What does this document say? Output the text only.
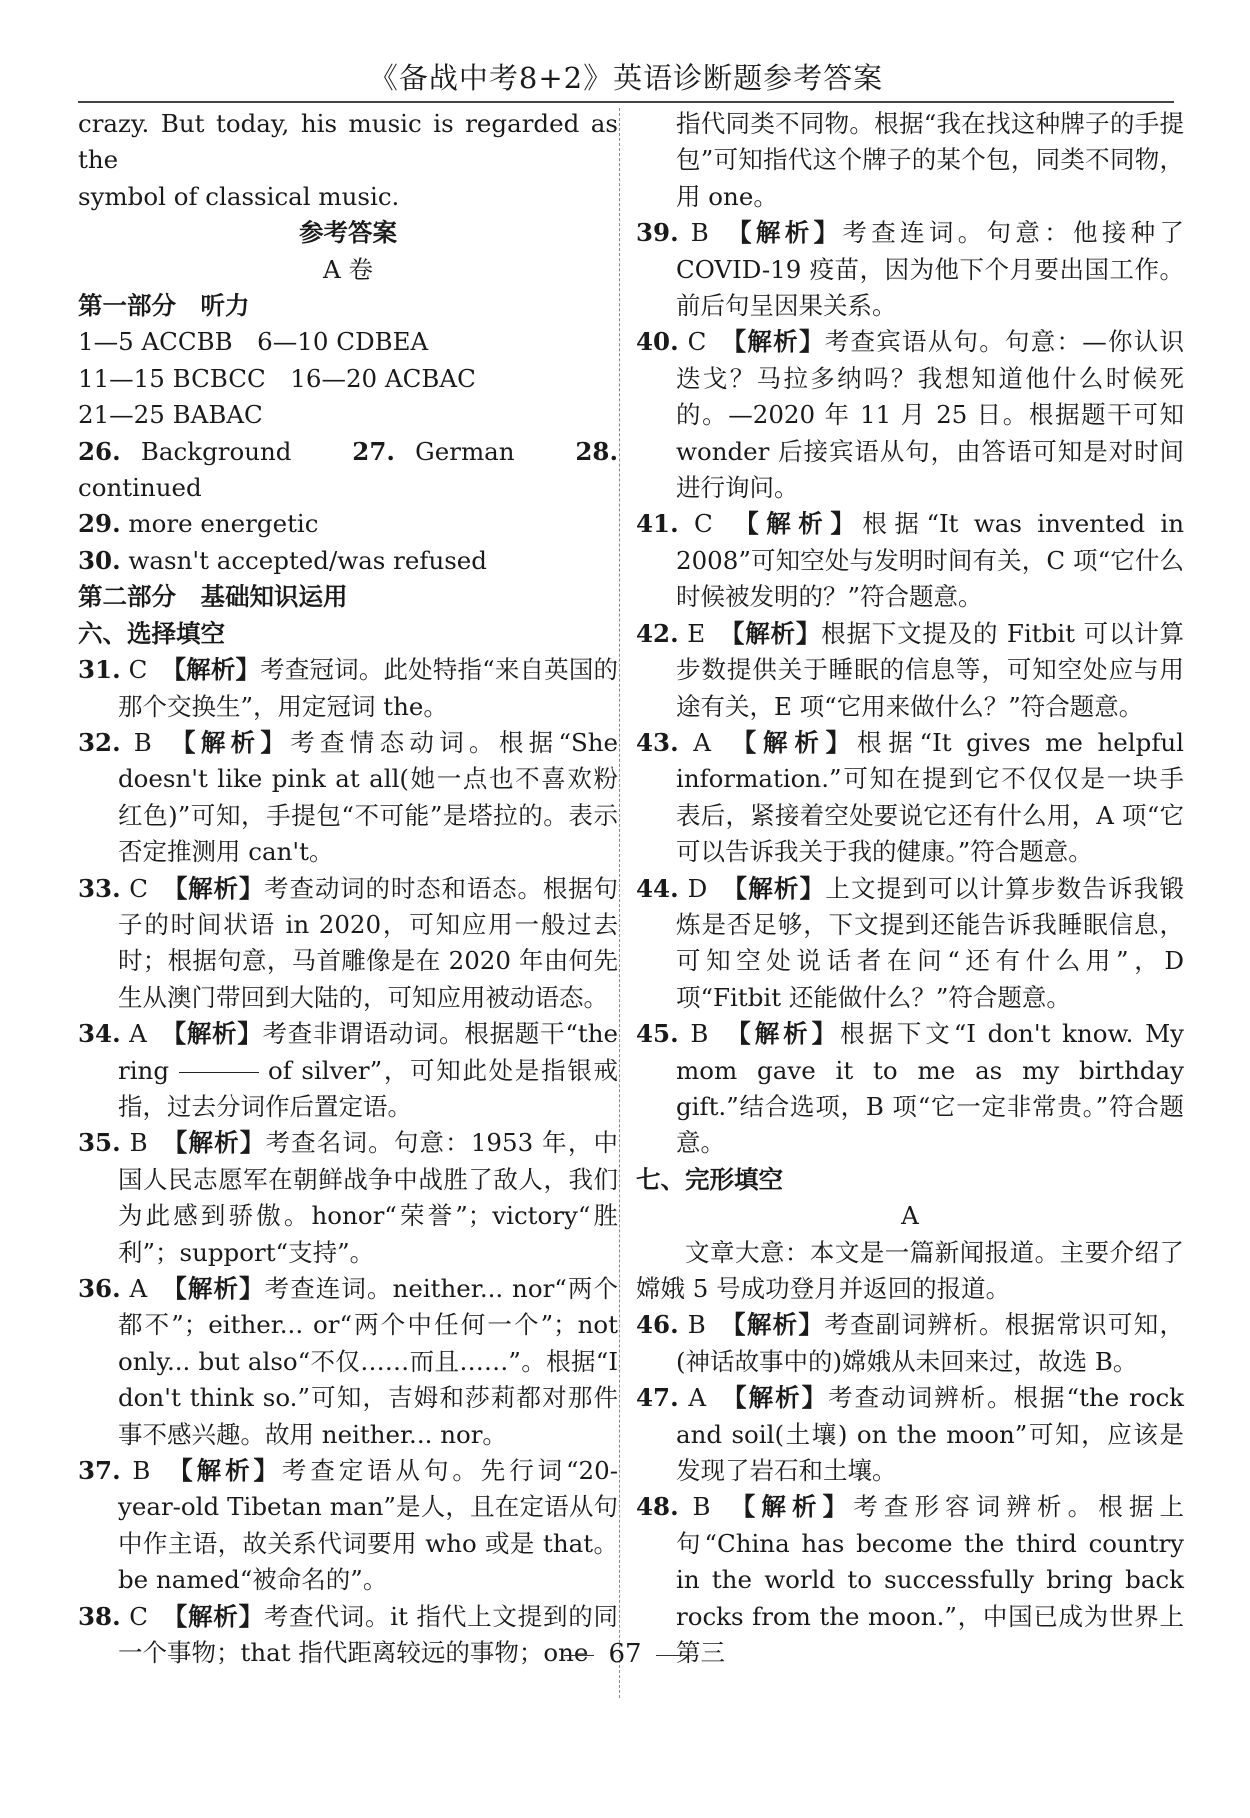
《备战中考8+2》英语诊断题参考答案

crazy. But today, his music is regarded as the

symbol of classical music.

参考答案

A 卷

第一部分　听力

1—5 ACCBB　6—10 CDBEA

11—15 BCBCC　16—20 ACBAC

21—25 BABAC

26. Background 27. German 28. continued

29. more energetic

30. wasn't accepted/was refused

第二部分　基础知识运用

六、选择填空

31. C 【解析】考查冠词。此处特指“来自英国的那个交换生”，用定冠词 the。

32. B 【解析】考查情态动词。根据“She doesn't like pink at all(她一点也不喜欢粉红色)”可知，手提包“不可能”是塔拉的。表示否定推测用 can't。

33. C 【解析】考查动词的时态和语态。根据句子的时间状语 in 2020，可知应用一般过去时；根据句意，马首雕像是在 2020 年由何先生从澳门带回到大陆的，可知应用被动语态。

34. A 【解析】考查非谓语动词。根据题干“the ring	of silver”，可知此处是指银戒指，过去分词作后置定语。

35. B 【解析】考查名词。句意：1953 年，中国人民志愿军在朝鲜战争中战胜了敌人，我们为此感到骄傲。honor“荣誉”；victory“胜利”；support“支持”。

36. A 【解析】考查连词。neither... nor“两个都不”；either... or“两个中任何一个”；not only... but also“不仅……而且……”。根据“I don't think so.”可知，吉姆和莎莉都对那件事不感兴趣。故用 neither... nor。

37. B 【解析】考查定语从句。先行词“20-year-old Tibetan man”是人，且在定语从句中作主语，故关系代词要用 who 或是 that。be named“被命名的”。

38. C 【解析】考查代词。it 指代上文提到的同一个事物；that 指代距离较远的事物；one

指代同类不同物。根据“我在找这种牌子的手提包”可知指代这个牌子的某个包，同类不同物，用 one。

39. B 【解析】考查连词。句意：他接种了 COVID-19 疫苗，因为他下个月要出国工作。前后句呈因果关系。

40. C 【解析】考查宾语从句。句意：—你认识迭戈？马拉多纳吗？我想知道他什么时候死的。—2020 年 11 月 25 日。根据题干可知 wonder 后接宾语从句，由答语可知是对时间进行询问。

41. C 【解析】根据“It was invented in 2008”可知空处与发明时间有关，C 项“它什么时候被发明的？”符合题意。

42. E 【解析】根据下文提及的 Fitbit 可以计算步数提供关于睡眠的信息等，可知空处应与用途有关，E 项“它用来做什么？”符合题意。

43. A 【解析】根据“It gives me helpful information.”可知在提到它不仅仅是一块手表后，紧接着空处要说它还有什么用，A 项“它可以告诉我关于我的健康。”符合题意。

44. D 【解析】上文提到可以计算步数告诉我锻炼是否足够，下文提到还能告诉我睡眠信息，可知空处说话者在问“还有什么用”，D 项“Fitbit 还能做什么？”符合题意。

45. B 【解析】根据下文“I don't know. My mom gave it to me as my birthday gift.”结合选项，B 项“它一定非常贵。”符合题意。

七、完形填空

A

文章大意：本文是一篇新闻报道。主要介绍了嫦娥 5 号成功登月并返回的报道。

46. B 【解析】考查副词辨析。根据常识可知，(神话故事中的)嫦娥从未回来过，故选 B。

47. A 【解析】考查动词辨析。根据“the rock and soil(土壤) on the moon”可知，应该是发现了岩石和土壤。

48. B 【解析】考查形容词辨析。根据上句“China has become the third country in the world to successfully bring back rocks from the moon.”，中国已成为世界上第三

67
